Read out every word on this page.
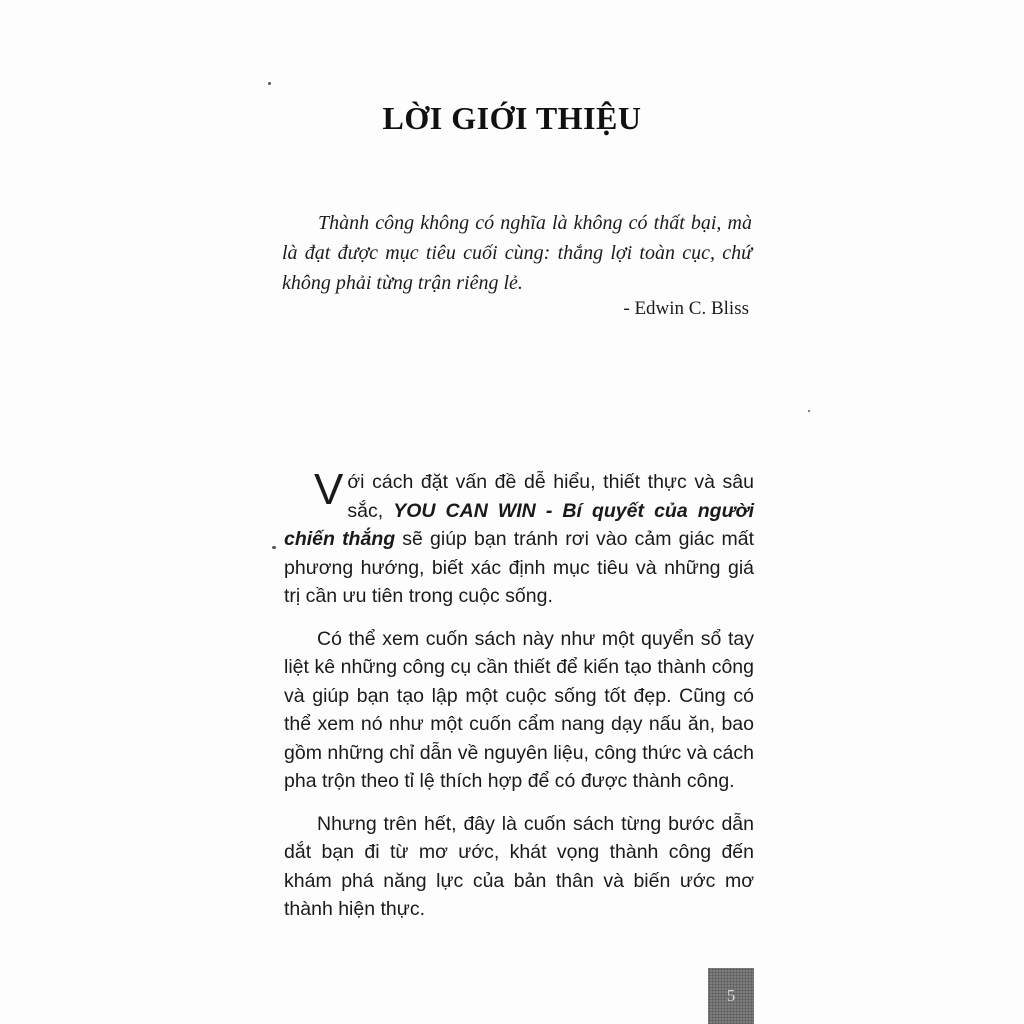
LỜI GIỚI THIỆU

Thành công không có nghĩa là không có thất bại, mà là đạt được mục tiêu cuối cùng: thắng lợi toàn cục, chứ không phải từng trận riêng lẻ.

- Edwin C. Bliss

Với cách đặt vấn đề dễ hiểu, thiết thực và sâu sắc, YOU CAN WIN - Bí quyết của người chiến thắng sẽ giúp bạn tránh rơi vào cảm giác mất phương hướng, biết xác định mục tiêu và những giá trị cần ưu tiên trong cuộc sống.

Có thể xem cuốn sách này như một quyển sổ tay liệt kê những công cụ cần thiết để kiến tạo thành công và giúp bạn tạo lập một cuộc sống tốt đẹp. Cũng có thể xem nó như một cuốn cẩm nang dạy nấu ăn, bao gồm những chỉ dẫn về nguyên liệu, công thức và cách pha trộn theo tỉ lệ thích hợp để có được thành công.

Nhưng trên hết, đây là cuốn sách từng bước dẫn dắt bạn đi từ mơ ước, khát vọng thành công đến khám phá năng lực của bản thân và biến ước mơ thành hiện thực.

5
